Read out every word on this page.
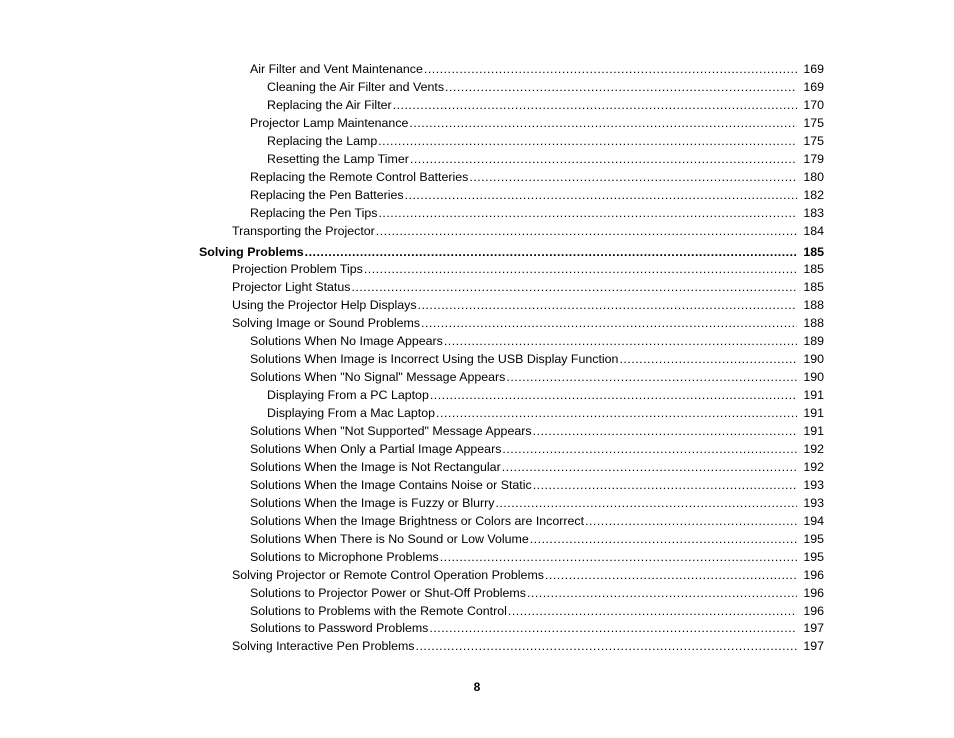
Air Filter and Vent Maintenance .....	169
Cleaning the Air Filter and Vents .....	169
Replacing the Air Filter .....	170
Projector Lamp Maintenance .....	175
Replacing the Lamp .....	175
Resetting the Lamp Timer .....	179
Replacing the Remote Control Batteries .....	180
Replacing the Pen Batteries .....	182
Replacing the Pen Tips .....	183
Transporting the Projector .....	184
Solving Problems .....	185
Projection Problem Tips .....	185
Projector Light Status .....	185
Using the Projector Help Displays .....	188
Solving Image or Sound Problems .....	188
Solutions When No Image Appears .....	189
Solutions When Image is Incorrect Using the USB Display Function .....	190
Solutions When "No Signal" Message Appears .....	190
Displaying From a PC Laptop .....	191
Displaying From a Mac Laptop .....	191
Solutions When "Not Supported" Message Appears .....	191
Solutions When Only a Partial Image Appears .....	192
Solutions When the Image is Not Rectangular .....	192
Solutions When the Image Contains Noise or Static .....	193
Solutions When the Image is Fuzzy or Blurry .....	193
Solutions When the Image Brightness or Colors are Incorrect .....	194
Solutions When There is No Sound or Low Volume .....	195
Solutions to Microphone Problems .....	195
Solving Projector or Remote Control Operation Problems .....	196
Solutions to Projector Power or Shut-Off Problems .....	196
Solutions to Problems with the Remote Control .....	196
Solutions to Password Problems .....	197
Solving Interactive Pen Problems .....	197
8
